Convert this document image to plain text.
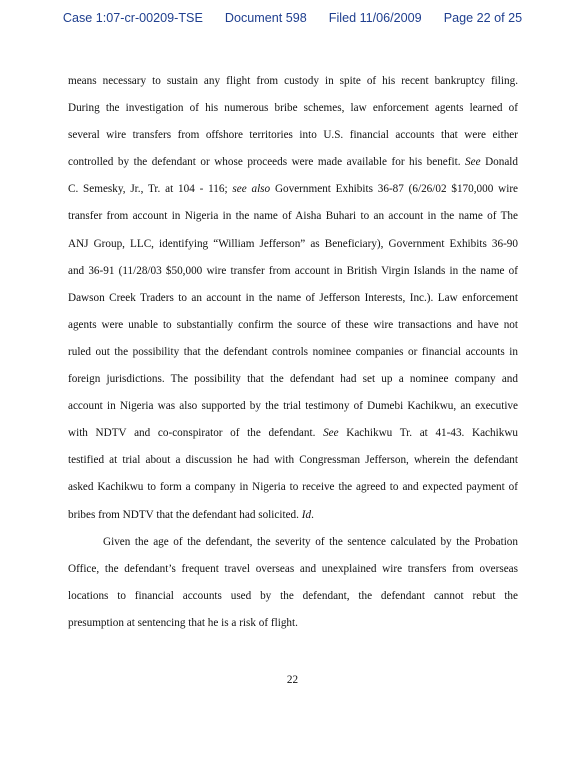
Case 1:07-cr-00209-TSE Document 598 Filed 11/06/2009 Page 22 of 25
means necessary to sustain any flight from custody in spite of his recent bankruptcy filing.
During the investigation of his numerous bribe schemes, law enforcement agents learned of
several wire transfers from offshore territories into U.S. financial accounts that were either
controlled by the defendant or whose proceeds were made available for his benefit. See Donald
C. Semesky, Jr., Tr. at 104 - 116; see also Government Exhibits 36-87 (6/26/02 $170,000 wire
transfer from account in Nigeria in the name of Aisha Buhari to an account in the name of The
ANJ Group, LLC, identifying “William Jefferson” as Beneficiary), Government Exhibits 36-90
and 36-91 (11/28/03 $50,000 wire transfer from account in British Virgin Islands in the name of
Dawson Creek Traders to an account in the name of Jefferson Interests, Inc.). Law enforcement
agents were unable to substantially confirm the source of these wire transactions and have not
ruled out the possibility that the defendant controls nominee companies or financial accounts in
foreign jurisdictions. The possibility that the defendant had set up a nominee company and
account in Nigeria was also supported by the trial testimony of Dumebi Kachikwu, an executive
with NDTV and co-conspirator of the defendant. See Kachikwu Tr. at 41-43. Kachikwu
testified at trial about a discussion he had with Congressman Jefferson, wherein the defendant
asked Kachikwu to form a company in Nigeria to receive the agreed to and expected payment of
bribes from NDTV that the defendant had solicited. Id.
Given the age of the defendant, the severity of the sentence calculated by the Probation
Office, the defendant’s frequent travel overseas and unexplained wire transfers from overseas
locations to financial accounts used by the defendant, the defendant cannot rebut the
presumption at sentencing that he is a risk of flight.
22
